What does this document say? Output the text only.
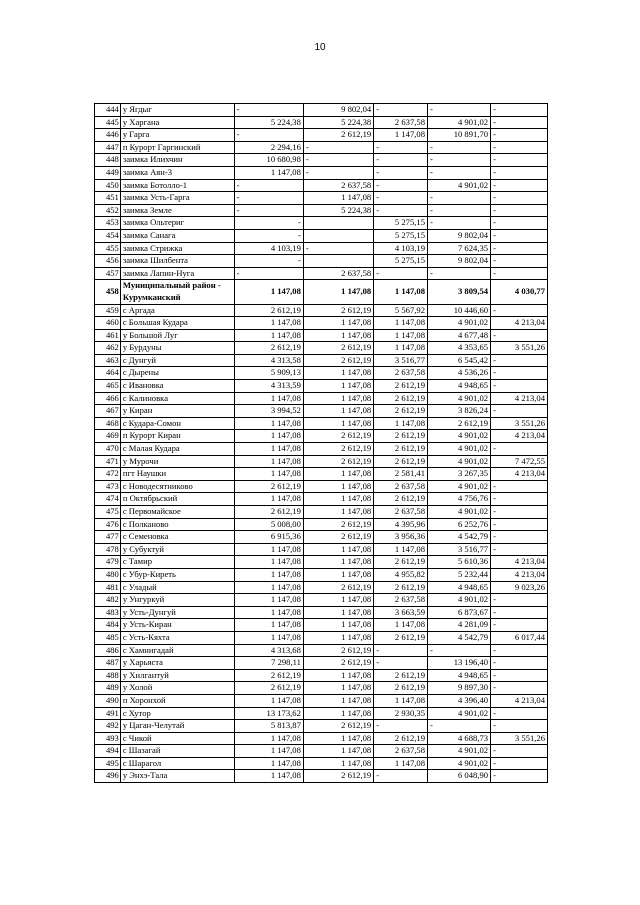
10
444	у Ягдыг	-	9 802,04	-	-	-
445	у Харгана	5 224,38	5 224,38	2 637,58	4 901,02	-
446	у Гарга	-	2 612,19	1 147,08	10 891,70	-
447	п Курорт Гаргинский	2 294,16	-	-	-	-
448	заимка Илихчин	10 680,98	-	-	-	-
449	заимка Аян-3	1 147,08	-	-	-	-
450	заимка Ботолло-1	-	2 637,58	-	4 901,02	-
451	заимка Усть-Гарга	-	1 147,08	-	-	-
452	заимка Земле	-	5 224,38	-	-	-
453	заимка Ольтериг	-		5 275,15	-	-
454	заимка Санага	-		5 275,15	9 802,04	-
455	заимка Стрижка	4 103,19	-	4 103,19	7 624,35	-
456	заимка Шилбента	-		5 275,15	9 802,04	-
457	заимка Лапин-Нуга	-	2 637,58	-	-	-
458	Муниципальный район - Курумканский	1 147,08	1 147,08	1 147,08	3 809,54	4 030,77
459	с Аргада	2 612,19	2 612,19	5 567,92	10 446,60	-
460	с Большая Кудара	1 147,08	1 147,08	1 147,08	4 901,02	4 213,04
461	у Большой Луг	1 147,08	1 147,08	1 147,08	4 677,48	-
462	у Бурдуны	2 612,19	2 612,19	1 147,08	4 353,65	3 551,26
463	с Дунгуй	4 313,58	2 612,19	3 516,77	6 545,42	-
464	с Дырены	5 909,13	1 147,08	2 637,58	4 536,26	-
465	с Ивановка	4 313,59	1 147,08	2 612,19	4 948,65	-
466	с Калиновка	1 147,08	1 147,08	2 612,19	4 901,02	4 213,04
467	у Киран	3 994,52	1 147,08	2 612,19	3 826,24	-
468	с Кудара-Сомон	1 147,08	1 147,08	1 147,08	2 612,19	3 551,26
469	п Курорт Киран	1 147,08	2 612,19	2 612,19	4 901,02	4 213,04
470	с Малая Кудара	1 147,08	2 612,19	2 612,19	4 901,02	-
471	у Мурочи	1 147,08	2 612,19	2 612,19	4 901,02	7 472,55
472	пгт Наушки	1 147,08	1 147,08	2 581,41	3 267,35	4 213,04
473	с Новодесятниково	2 612,19	1 147,08	2 637,58	4 901,02	-
474	п Октябрьский	1 147,08	1 147,08	2 612,19	4 756,76	-
475	с Первомайское	2 612,19	1 147,08	2 637,58	4 901,02	-
476	с Полканово	5 008,00	2 612,19	4 395,96	6 252,76	-
477	с Семеновка	6 915,36	2 612,19	3 956,36	4 542,79	-
478	у Субуктуй	1 147,08	1 147,08	1 147,08	3 516,77	-
479	с Тамир	1 147,08	1 147,08	2 612,19	5 610,36	4 213,04
480	с Убур-Киреть	1 147,08	1 147,08	4 955,82	5 232,44	4 213,04
481	с Уладый	1 147,08	2 612,19	2 612,19	4 948,65	9 023,26
482	у Унгуркуй	1 147,08	1 147,08	2 637,58	4 901,02	-
483	у Усть-Дунгуй	1 147,08	1 147,08	3 663,59	6 873,67	-
484	у Усть-Киран	1 147,08	1 147,08	1 147,08	4 281,09	-
485	с Усть-Кяхта	1 147,08	1 147,08	2 612,19	4 542,79	6 017,44
486	с Хамнигадай	4 313,68	2 612,19	-	-	-
487	у Харьяста	7 298,11	2 612,19	-	13 196,40	-
488	у Хилгантуй	2 612,19	1 147,08	2 612,19	4 948,65	-
489	у Холой	2 612,19	1 147,08	2 612,19	9 897,30	-
490	п Хоронхой	1 147,08	1 147,08	1 147,08	4 396,40	4 213,04
491	с Хутор	13 173,62	1 147,08	2 930,35	4 901,02	-
492	у Цаган-Челутай	5 813,87	2 612,19	-	-	-
493	с Чикой	1 147,08	1 147,08	2 612,19	4 688,73	3 551,26
494	с Шазагай	1 147,08	1 147,08	2 637,58	4 901,02	-
495	с Шарагол	1 147,08	1 147,08	1 147,08	4 901,02	-
496	у Энхэ-Тала	1 147,08	2 612,19	-	6 048,90	-
